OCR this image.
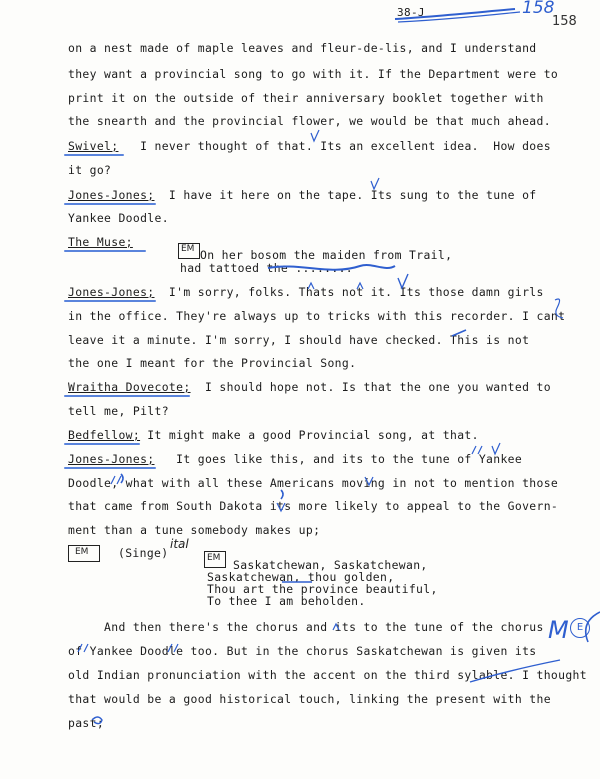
38-J	158
158
on a nest made of maple leaves and fleur-de-lis, and I understand
they want a provincial song to go with it. If the Department were to
print it on the outside of their anniversary booklet together with
the snearth and the provincial flower, we would be that much ahead.
Swivel;   I never thought of that. Its an excellent idea.  How does
it go?
Jones-Jones;  I have it here on the tape. Its sung to the tune of
Yankee Doodle.
The Muse;
On her bosom the maiden from Trail,
had tattoed the ........
Jones-Jones;  I'm sorry, folks. Thats not it. Its those damn girls
in the office. They're always up to tricks with this recorder. I cant
leave it a minute. I'm sorry, I should have checked. This is not
the one I meant for the Provincial Song.
Wraitha Dovecote;  I should hope not. Is that the one you wanted to
tell me, Pilt?
Bedfellow; It might make a good Provincial song, at that.
Jones-Jones;   It goes like this, and its to the tune of Yankee
Doodle, what with all these Americans moving in not to mention those
that came from South Dakota its more likely to appeal to the Govern-
ment than a tune somebody makes up;
(Singe)
Saskatchewan, Saskatchewan,
Saskatchewan, thou golden,
Thou art the province beautiful,
To thee I am beholden.
And then there's the chorus and its to the tune of the chorus
of Yankee Doodle too. But in the chorus Saskatchewan is given its
old Indian pronunciation with the accent on the third sylable. I thought
that would be a good historical touch, linking the present with the
past;
EM
EM
EM
ital
M E
